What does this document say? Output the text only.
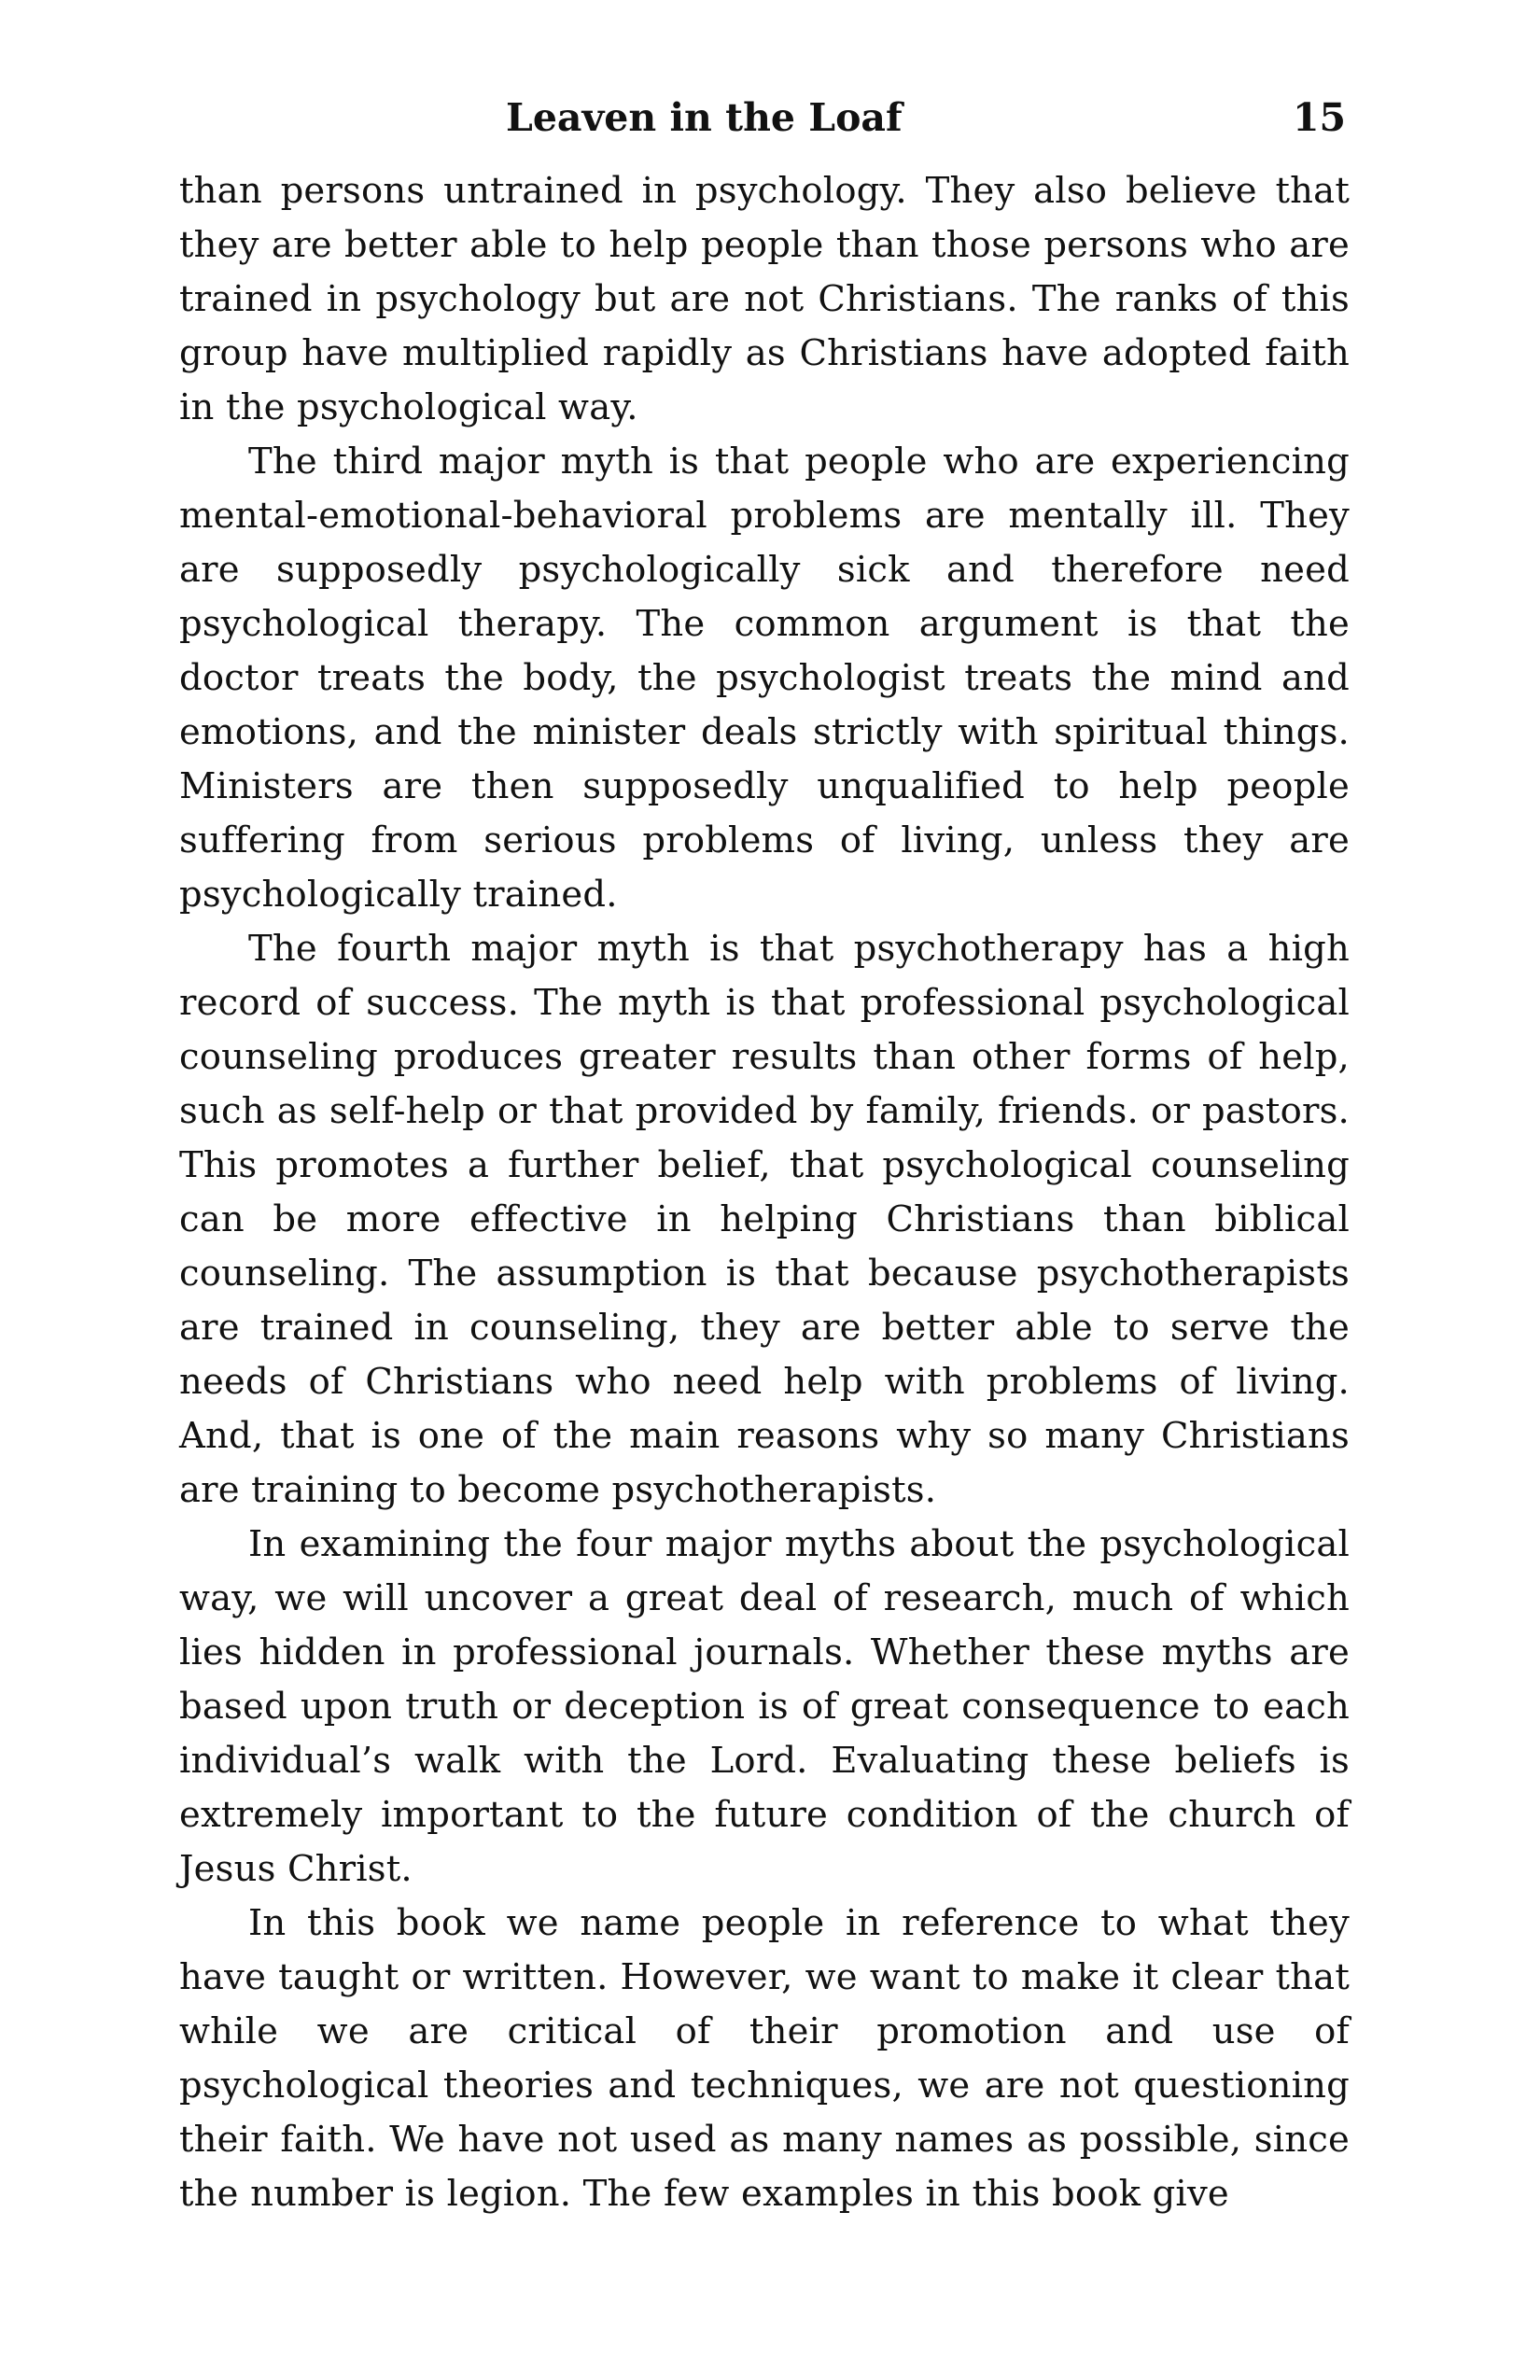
Leaven in the Loaf	15

than persons untrained in psychology. They also believe that they are better able to help people than those persons who are trained in psychology but are not Christians. The ranks of this group have multiplied rapidly as Christians have adopted faith in the psychological way.

The third major myth is that people who are experiencing mental-emotional-behavioral problems are mentally ill. They are supposedly psychologically sick and therefore need psychological therapy. The common argument is that the doctor treats the body, the psychologist treats the mind and emotions, and the minister deals strictly with spiritual things. Ministers are then supposedly unqualified to help people suffering from serious problems of living, unless they are psychologically trained.

The fourth major myth is that psychotherapy has a high record of success. The myth is that professional psychological counseling produces greater results than other forms of help, such as self-help or that provided by family, friends. or pastors. This promotes a further belief, that psychological counseling can be more effective in helping Christians than biblical counseling. The assumption is that because psychotherapists are trained in counseling, they are better able to serve the needs of Christians who need help with problems of living. And, that is one of the main reasons why so many Christians are training to become psychotherapists.

In examining the four major myths about the psychological way, we will uncover a great deal of research, much of which lies hidden in professional journals. Whether these myths are based upon truth or deception is of great consequence to each individual’s walk with the Lord. Evaluating these beliefs is extremely important to the future condition of the church of Jesus Christ.

In this book we name people in reference to what they have taught or written. However, we want to make it clear that while we are critical of their promotion and use of psychological theories and techniques, we are not questioning their faith. We have not used as many names as possible, since the number is legion. The few examples in this book give
